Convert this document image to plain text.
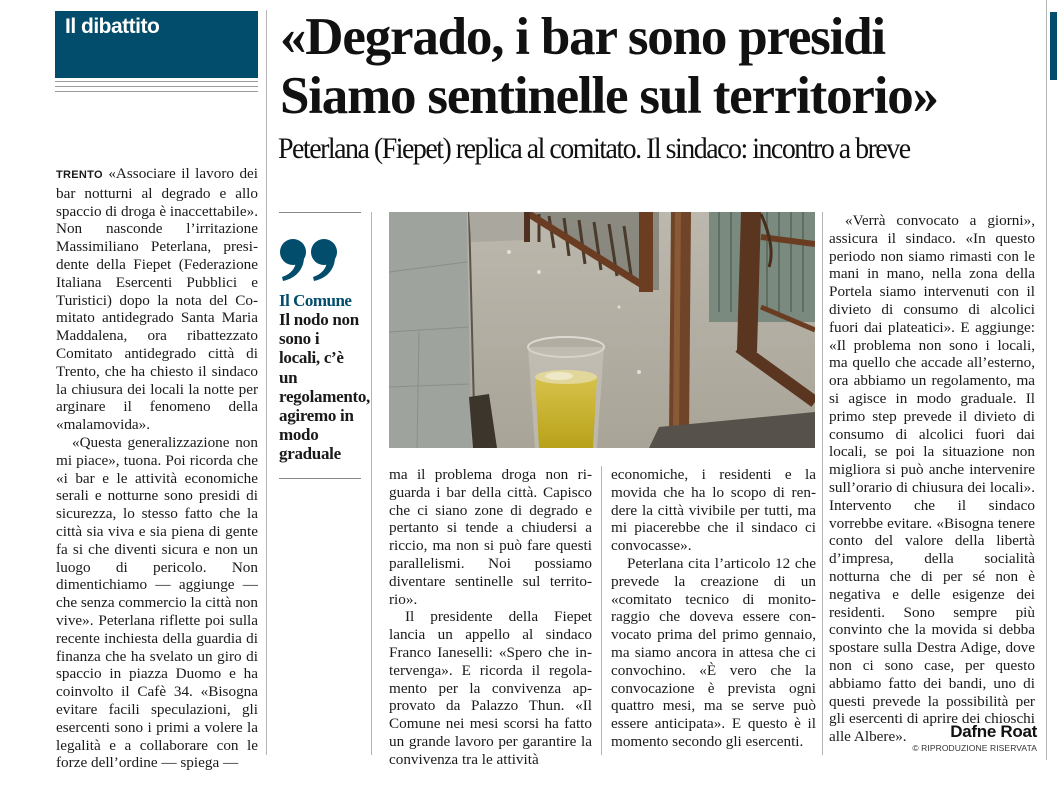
Il dibattito «Degrado, i bar sono presidi
Siamo sentinelle sul territorio»
Peterlana (Fiepet) replica al comitato. Il sindaco: incontro a breve

TRENTO «Associare il lavoro dei bar notturni al degrado e allo spaccio di droga è inaccettabile». Non nasconde l’irritazione Massimiliano Peterlana, presidente della Fiepet (Federazione Italiana Esercenti Pubblici e Turistici) dopo la nota del Comitato antidegrado Santa Maria Maddalena, ora ribattezzato Comitato antidegrado città di Trento, che ha chiesto il sindaco la chiusura dei locali la notte per arginare il fenomeno della «malamovida».

«Questa generalizzazione non mi piace», tuona. Poi ricorda che «i bar e le attività economiche serali e notturne sono presidi di sicurezza, lo stesso fatto che la città sia viva e sia piena di gente fa si che diventi sicura e non un luogo di pericolo. Non dimentichiamo — aggiunge — che senza commercio la città non vive». Peterlana riflette poi sulla recente inchiesta della guardia di finanza che ha svelato un giro di spaccio in piazza Duomo e ha coinvolto il Cafè 34. «Bisogna evitare facili speculazioni, gli esercenti sono i primi a volere la legalità e a collaborare con le forze dell’ordine — spiega —

Il Comune
Il nodo non sono i locali, c’è un regolamento, agiremo in modo graduale

ma il problema droga non riguarda i bar della città. Capisco che ci siano zone di degrado e pertanto si tende a chiudersi a riccio, ma non si può fare questi parallelismi. Noi possiamo diventare sentinelle sul territorio».

Il presidente della Fiepet lancia un appello al sindaco Franco Ianeselli: «Spero che intervenga». E ricorda il regolamento per la convivenza approvato da Palazzo Thun. «Il Comune nei mesi scorsi ha fatto un grande lavoro per garantire la convivenza tra le attività

economiche, i residenti e la movida che ha lo scopo di rendere la città vivibile per tutti, ma mi piacerebbe che il sindaco ci convocasse».

Peterlana cita l’articolo 12 che prevede la creazione di un «comitato tecnico di monitoraggio che doveva essere convocato prima del primo gennaio, ma siamo ancora in attesa che ci convochino. «È vero che la convocazione è prevista ogni quattro mesi, ma se serve può essere anticipata». E questo è il momento secondo gli esercenti.

«Verrà convocato a giorni», assicura il sindaco. «In questo periodo non siamo rimasti con le mani in mano, nella zona della Portela siamo intervenuti con il divieto di consumo di alcolici fuori dai plateatici». E aggiunge: «Il problema non sono i locali, ma quello che accade all’esterno, ora abbiamo un regolamento, ma si agisce in modo graduale. Il primo step prevede il divieto di consumo di alcolici fuori dai locali, se poi la situazione non migliora si può anche intervenire sull’orario di chiusura dei locali». Intervento che il sindaco vorrebbe evitare. «Bisogna tenere conto del valore della libertà d’impresa, della socialità notturna che di per sé non è negativa e delle esigenze dei residenti. Sono sempre più convinto che la movida si debba spostare sulla Destra Adige, dove non ci sono case, per questo abbiamo fatto dei bandi, uno di questi prevede la possibilità per gli esercenti di aprire dei chioschi alle Albere».	Dafne Roat
© RIPRODUZIONE RISERVATA
